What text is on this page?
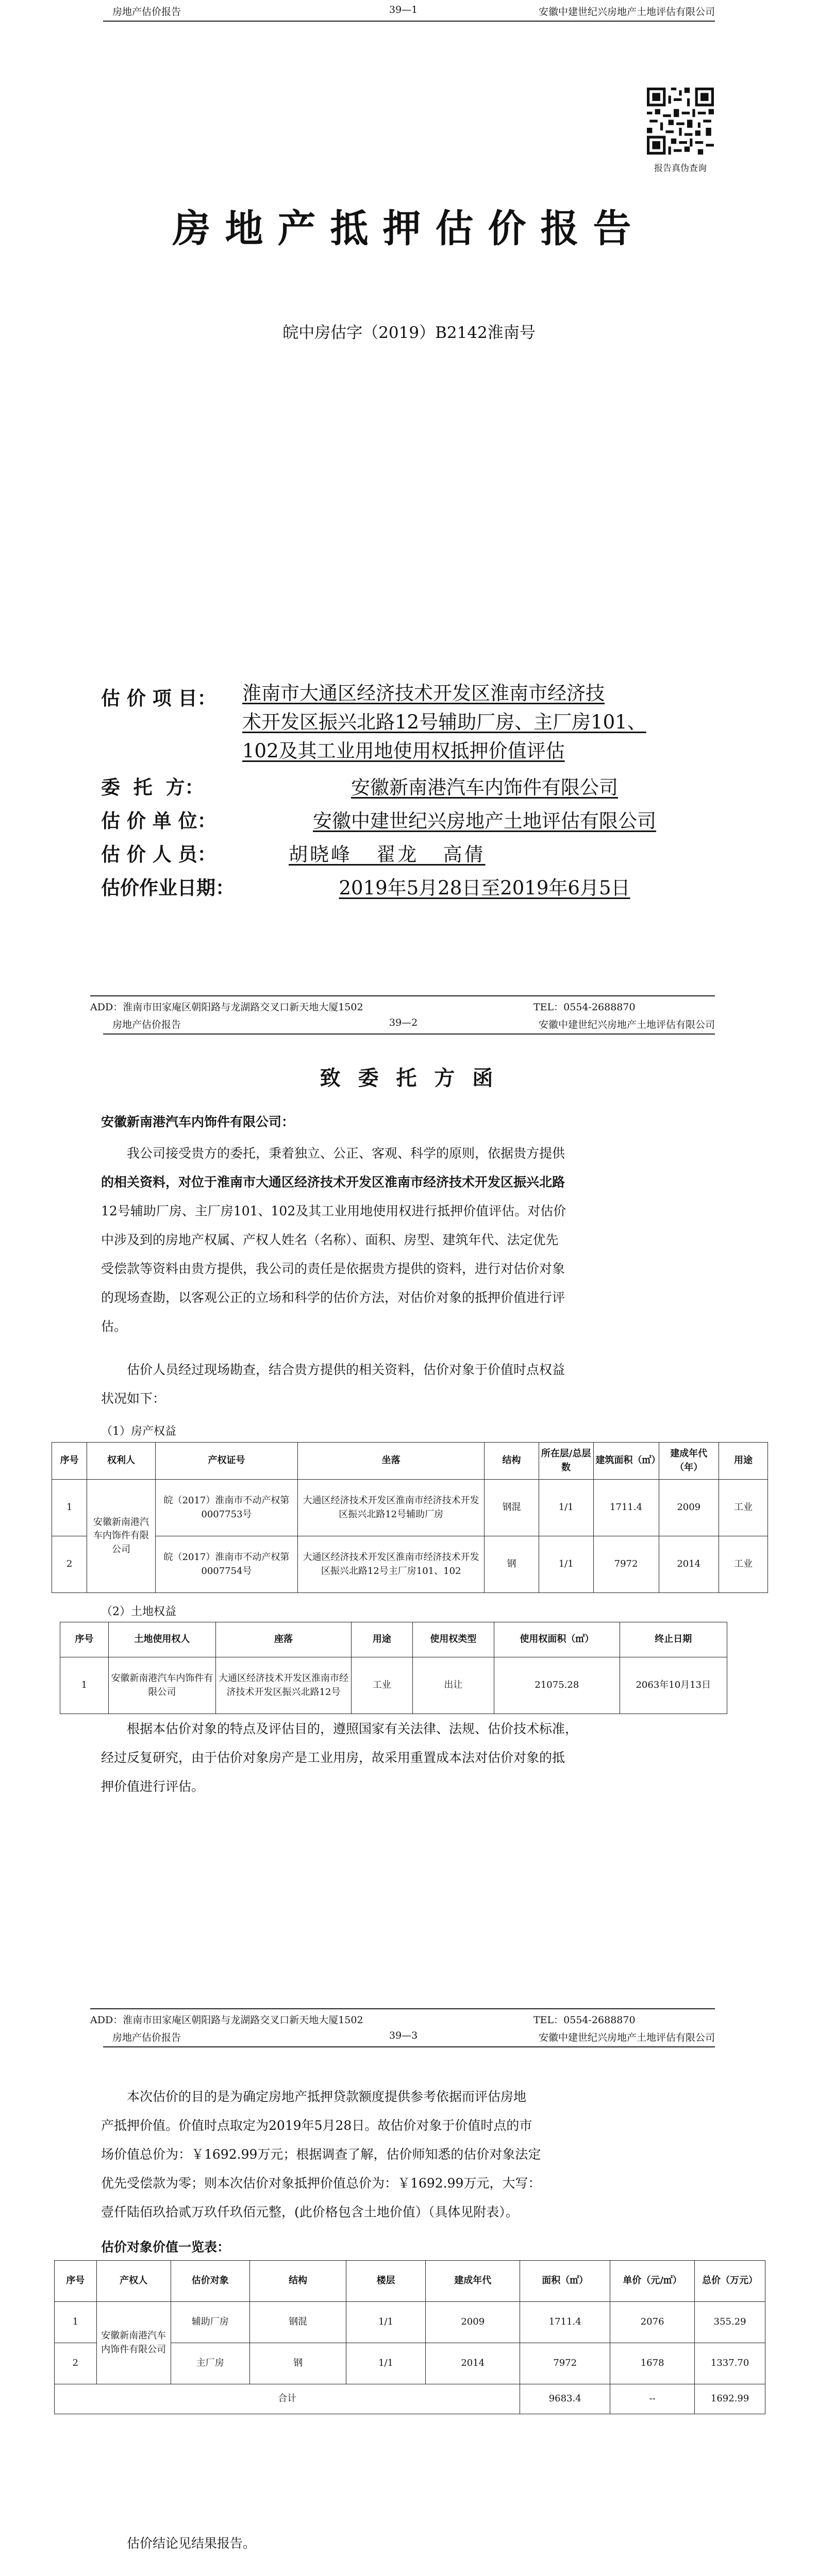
房地产估价报告	39—1	安徽中建世纪兴房地产土地评估有限公司
报告真伪查询
房地产抵押估价报告
皖中房估字（2019）B2142淮南号
估 价 项 目： 淮南市大通区经济技术开发区淮南市经济技
术开发区振兴北路12号辅助厂房、主厂房101、
102及其工业用地使用权抵押价值评估
委  托  方：	安徽新南港汽车内饰件有限公司
估 价 单 位：	安徽中建世纪兴房地产土地评估有限公司
估 价 人 员：	胡晓峰   翟龙   高倩
估价作业日期：	2019年5月28日至2019年6月5日
ADD：淮南市田家庵区朝阳路与龙湖路交叉口新天地大厦1502	TEL：0554-2688870
房地产估价报告	39—2	安徽中建世纪兴房地产土地评估有限公司
致 委 托 方 函
安徽新南港汽车内饰件有限公司：
我公司接受贵方的委托，秉着独立、公正、客观、科学的原则，依据贵方提供
的相关资料，对位于淮南市大通区经济技术开发区淮南市经济技术开发区振兴北路
12号辅助厂房、主厂房101、102及其工业用地使用权进行抵押价值评估。对估价
中涉及到的房地产权属、产权人姓名（名称）、面积、房型、建筑年代、法定优先
受偿款等资料由贵方提供，我公司的责任是依据贵方提供的资料，进行对估价对象
的现场查勘，以客观公正的立场和科学的估价方法，对估价对象的抵押价值进行评
估。
估价人员经过现场勘查，结合贵方提供的相关资料，估价对象于价值时点权益
状况如下：
（1）房产权益
序号	权利人	产权证号	坐落	结构	所在层/总层数	建筑面积（㎡）	建成年代（年）	用途
1	安徽新南港汽车内饰件有限公司	皖（2017）淮南市不动产权第0007753号	大通区经济技术开发区淮南市经济技术开发区振兴北路12号辅助厂房	钢混	1/1	1711.4	2009	工业
2		皖（2017）淮南市不动产权第0007754号	大通区经济技术开发区淮南市经济技术开发区振兴北路12号主厂房101、102	钢	1/1	7972	2014	工业
（2）土地权益
序号	土地使用权人	座落	用途	使用权类型	使用权面积（㎡）	终止日期
1	安徽新南港汽车内饰件有限公司	大通区经济技术开发区淮南市经济技术开发区振兴北路12号	工业	出让	21075.28	2063年10月13日
根据本估价对象的特点及评估目的，遵照国家有关法律、法规、估价技术标准，
经过反复研究，由于估价对象房产是工业用房，故采用重置成本法对估价对象的抵
押价值进行评估。
ADD：淮南市田家庵区朝阳路与龙湖路交叉口新天地大厦1502	TEL：0554-2688870
房地产估价报告	39—3	安徽中建世纪兴房地产土地评估有限公司
本次估价的目的是为确定房地产抵押贷款额度提供参考依据而评估房地
产抵押价值。价值时点取定为2019年5月28日。故估价对象于价值时点的市
场价值总价为：￥1692.99万元；根据调查了解，估价师知悉的估价对象法定
优先受偿款为零；则本次估价对象抵押价值总价为：￥1692.99万元，大写：
壹仟陆佰玖拾贰万玖仟玖佰元整，(此价格包含土地价值）（具体见附表）。
估价对象价值一览表：
序号	产权人	估价对象	结构	楼层	建成年代	面积（㎡）	单价（元/㎡）	总价（万元）
1	安徽新南港汽车内饰件有限公司	辅助厂房	钢混	1/1	2009	1711.4	2076	355.29
2		主厂房	钢	1/1	2014	7972	1678	1337.70
合计						9683.4	--	1692.99
估价结论见结果报告。
